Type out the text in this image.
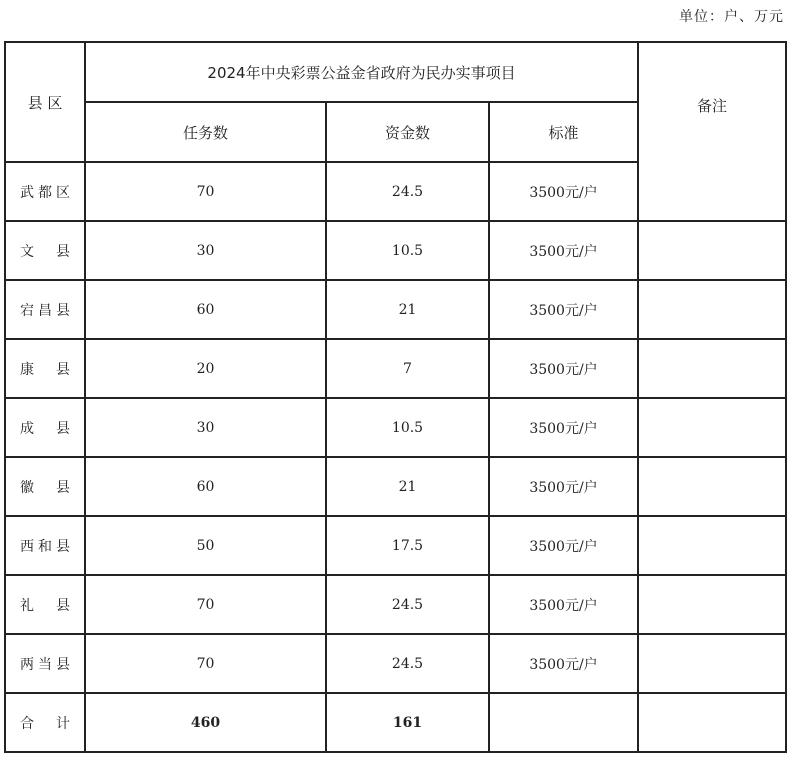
单位：户、万元
县 区	2024年中央彩票公益金省政府为民办实事项目			备注
	任务数	资金数	标准	
武都区	70	24.5	3500元/户	
文 县	30	10.5	3500元/户	
宕昌县	60	21	3500元/户	
康 县	20	7	3500元/户	
成 县	30	10.5	3500元/户	
徽 县	60	21	3500元/户	
西和县	50	17.5	3500元/户	
礼 县	70	24.5	3500元/户	
两当县	70	24.5	3500元/户	
合 计	460	161		
